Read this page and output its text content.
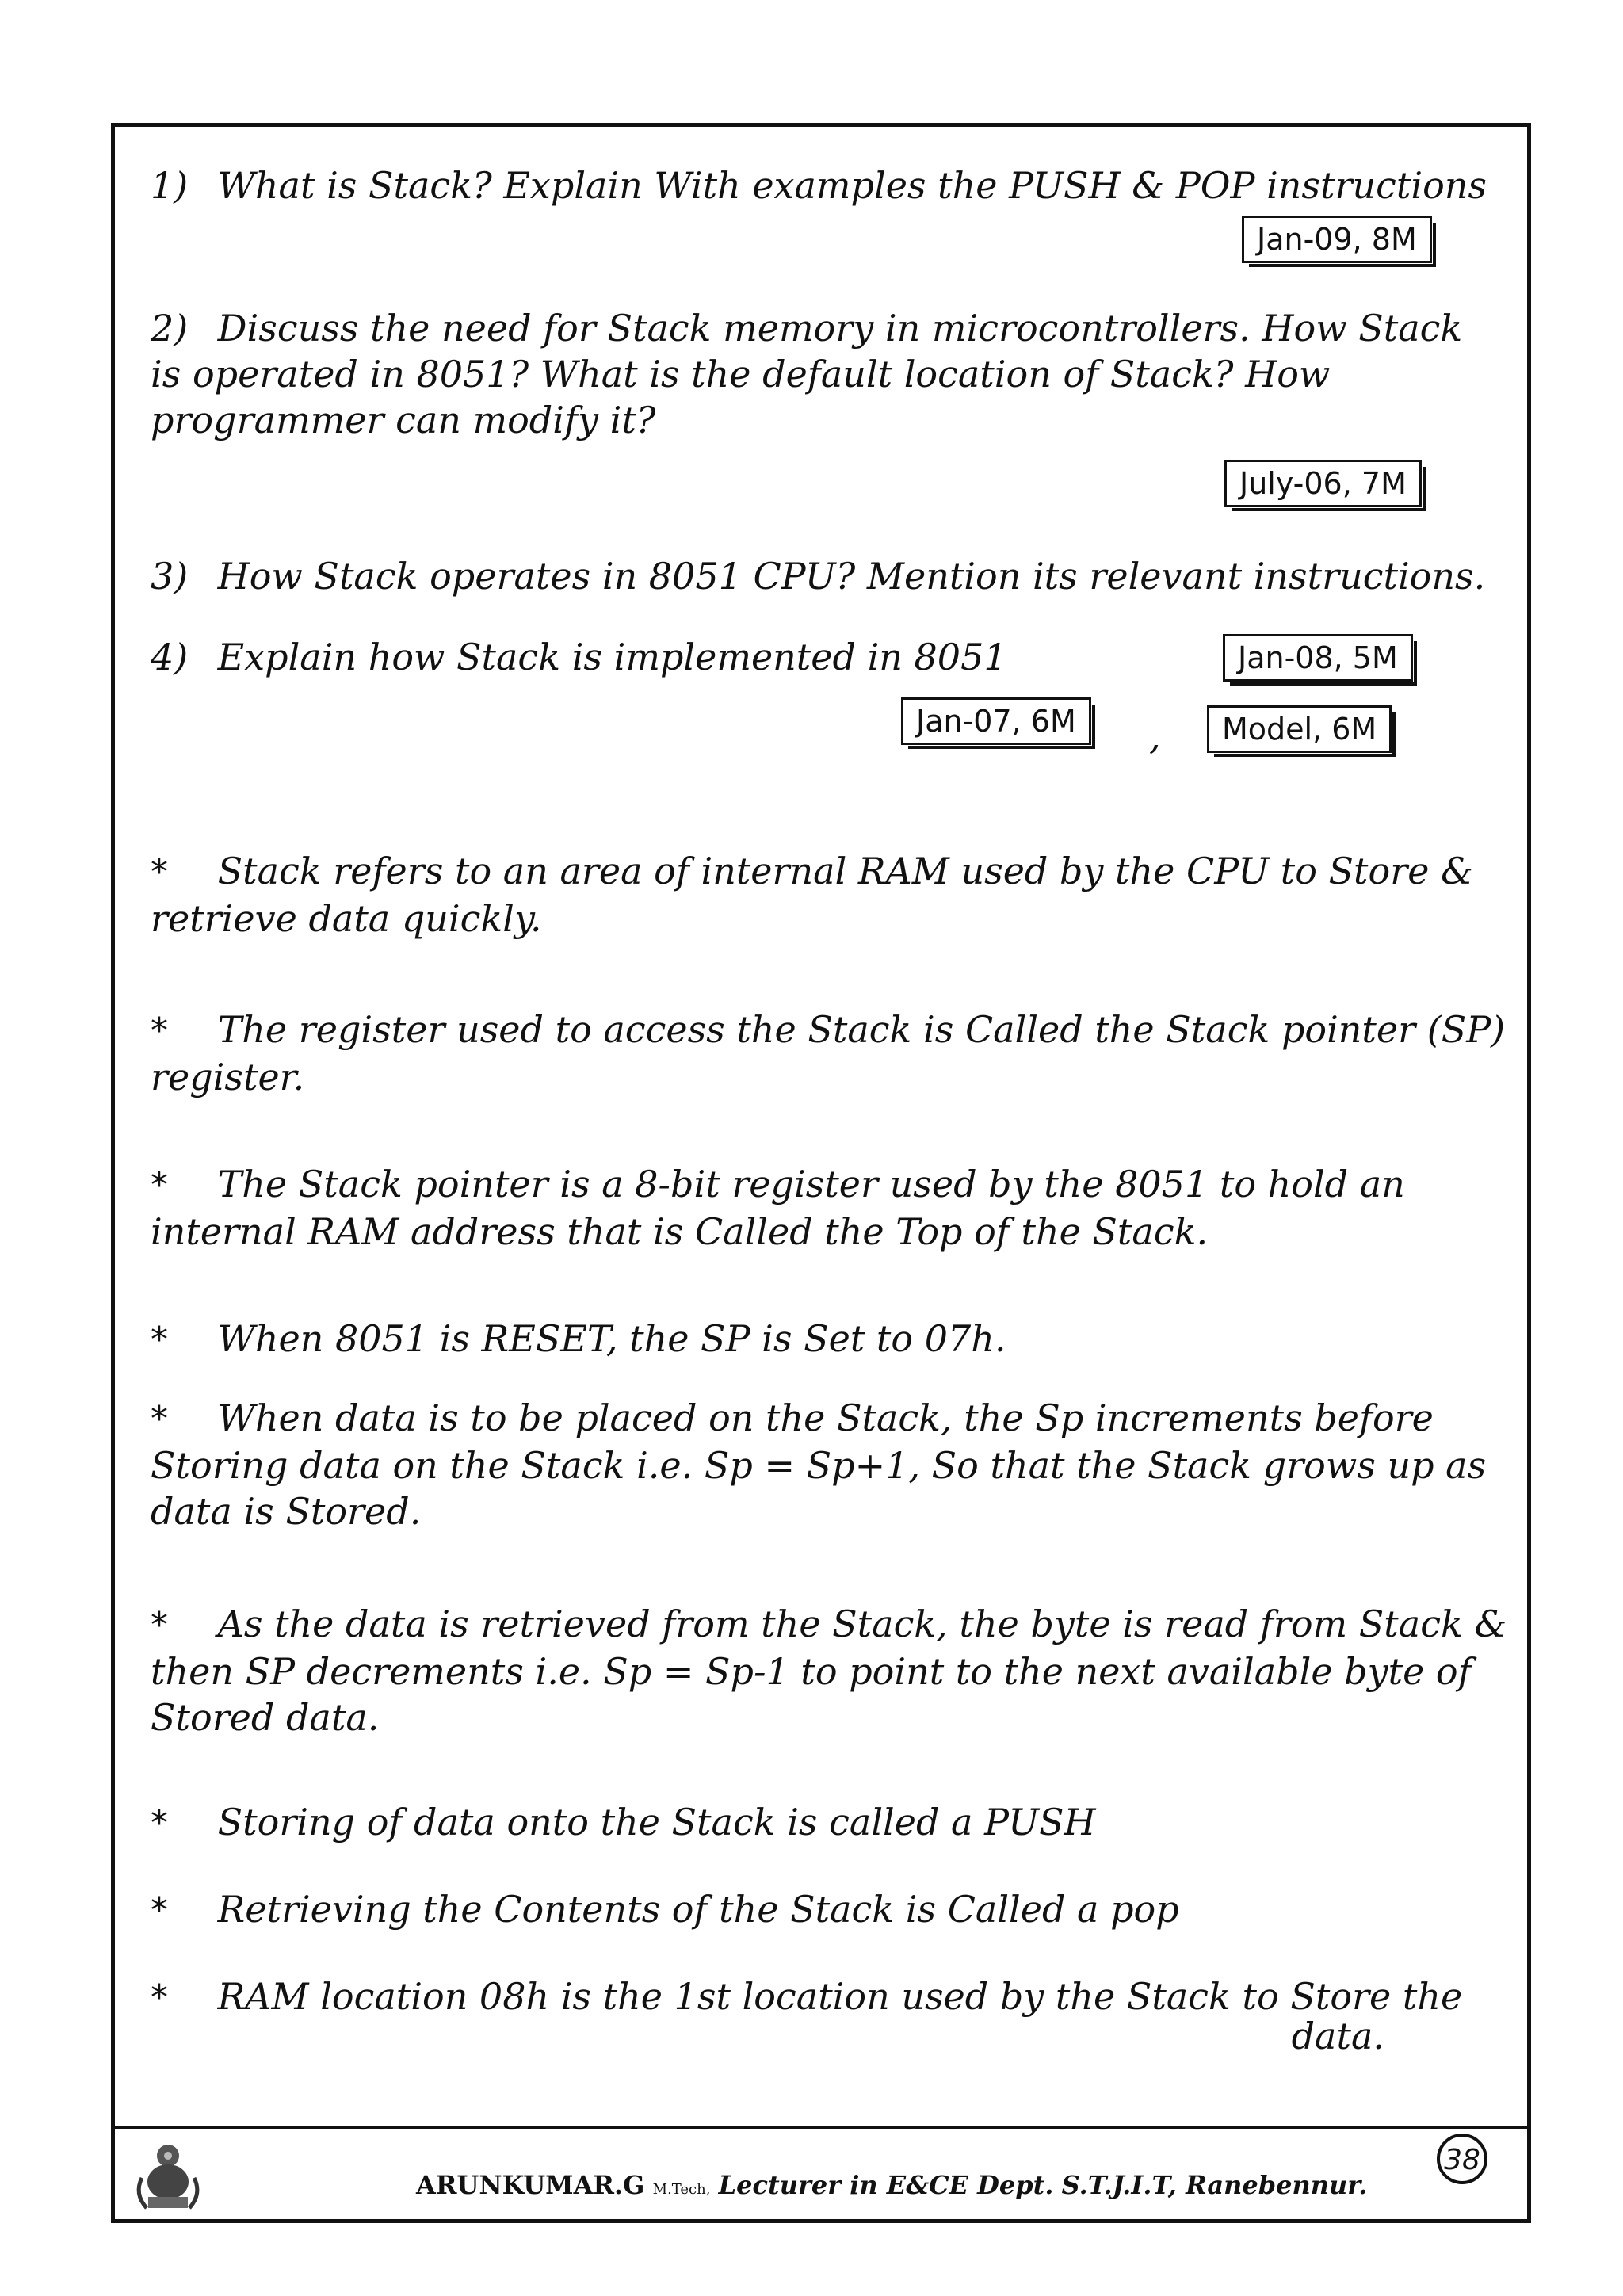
1) What is Stack? Explain With examples the PUSH & POP instructions
Jan-09, 8M
2) Discuss the need for Stack memory in microcontrollers. How Stack is operated in 8051? What is the default location of Stack? How programmer can modify it?
July-06, 7M
3) How Stack operates in 8051 CPU? Mention its relevant instructions.
4) Explain how Stack is implemented in 8051	Jan-08, 5M
Jan-07, 6M	,	Model, 6M
* Stack refers to an area of internal RAM used by the CPU to Store & retrieve data quickly.
* The register used to access the Stack is Called the Stack pointer (SP) register.
* The Stack pointer is a 8-bit register used by the 8051 to hold an internal RAM address that is Called the Top of the Stack.
* When 8051 is RESET, the SP is Set to 07h.
* When data is to be placed on the Stack, the Sp increments before Storing data on the Stack i.e. Sp = Sp+1, So that the Stack grows up as data is Stored.
* As the data is retrieved from the Stack, the byte is read from Stack & then SP decrements i.e. Sp = Sp-1 to point to the next available byte of Stored data.
* Storing of data onto the Stack is called a PUSH
* Retrieving the Contents of the Stack is Called a pop
* RAM location 08h is the 1st location used by the Stack to Store the
data.
ARUNKUMAR.G M.Tech, Lecturer in E&CE Dept. S.T.J.I.T, Ranebennur.
38
